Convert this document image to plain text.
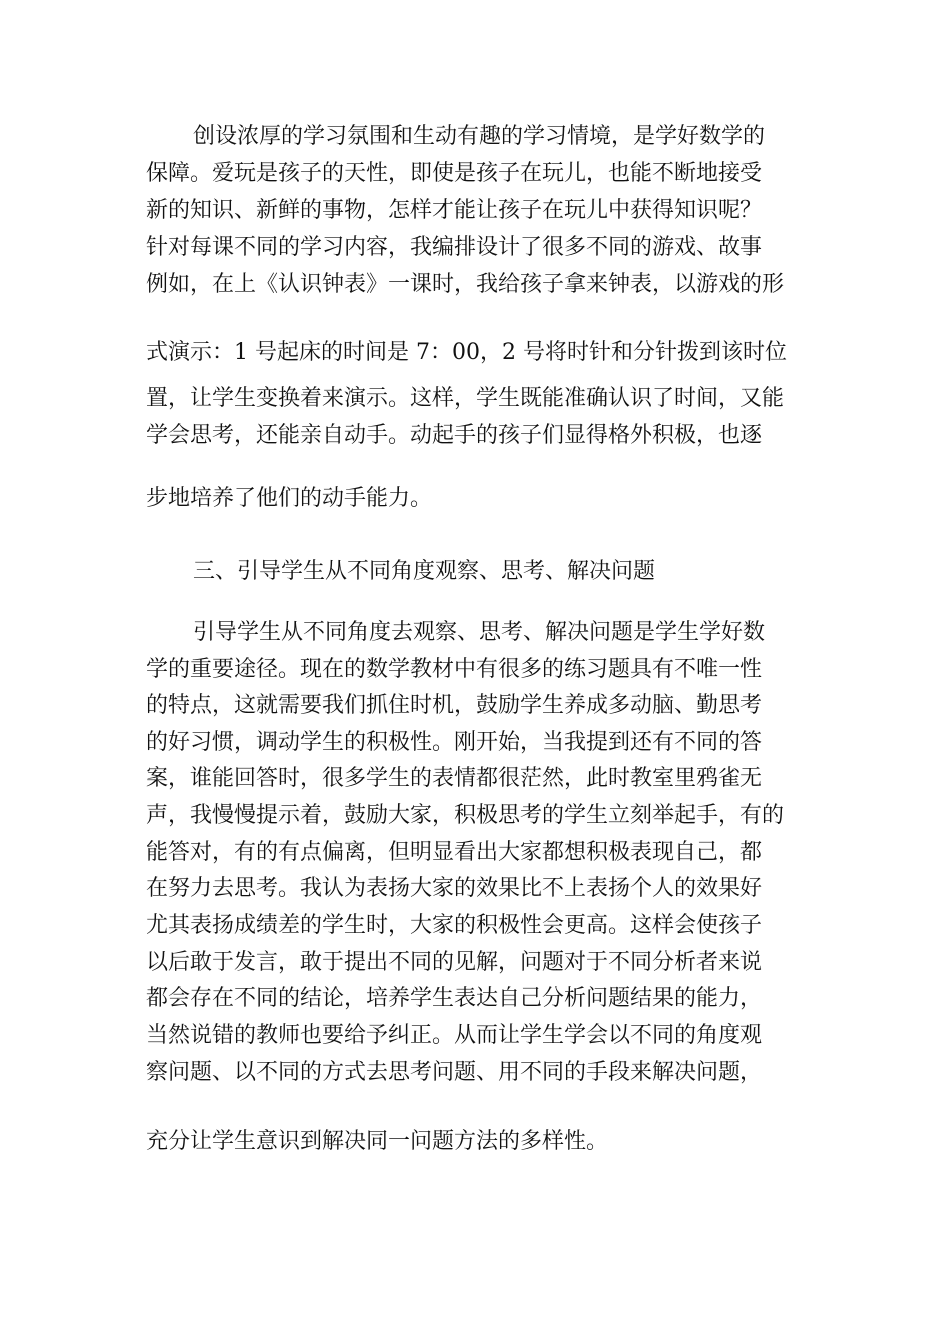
创设浓厚的学习氛围和生动有趣的学习情境，是学好数学的

保障。爱玩是孩子的天性，即使是孩子在玩儿，也能不断地接受

新的知识、新鲜的事物，怎样才能让孩子在玩儿中获得知识呢？

针对每课不同的学习内容，我编排设计了很多不同的游戏、故事

例如，在上《认识钟表》一课时，我给孩子拿来钟表，以游戏的形

式演示：1 号起床的时间是 7：00，2 号将时针和分针拨到该时位

置，让学生变换着来演示。这样，学生既能准确认识了时间，又能

学会思考，还能亲自动手。动起手的孩子们显得格外积极，也逐

步地培养了他们的动手能力。

三、引导学生从不同角度观察、思考、解决问题

引导学生从不同角度去观察、思考、解决问题是学生学好数

学的重要途径。现在的数学教材中有很多的练习题具有不唯一性

的特点，这就需要我们抓住时机，鼓励学生养成多动脑、勤思考

的好习惯，调动学生的积极性。刚开始，当我提到还有不同的答

案，谁能回答时，很多学生的表情都很茫然，此时教室里鸦雀无

声，我慢慢提示着，鼓励大家，积极思考的学生立刻举起手，有的

能答对，有的有点偏离，但明显看出大家都想积极表现自己，都

在努力去思考。我认为表扬大家的效果比不上表扬个人的效果好

尤其表扬成绩差的学生时，大家的积极性会更高。这样会使孩子

以后敢于发言，敢于提出不同的见解，问题对于不同分析者来说

都会存在不同的结论，培养学生表达自己分析问题结果的能力，

当然说错的教师也要给予纠正。从而让学生学会以不同的角度观

察问题、以不同的方式去思考问题、用不同的手段来解决问题，

充分让学生意识到解决同一问题方法的多样性。
